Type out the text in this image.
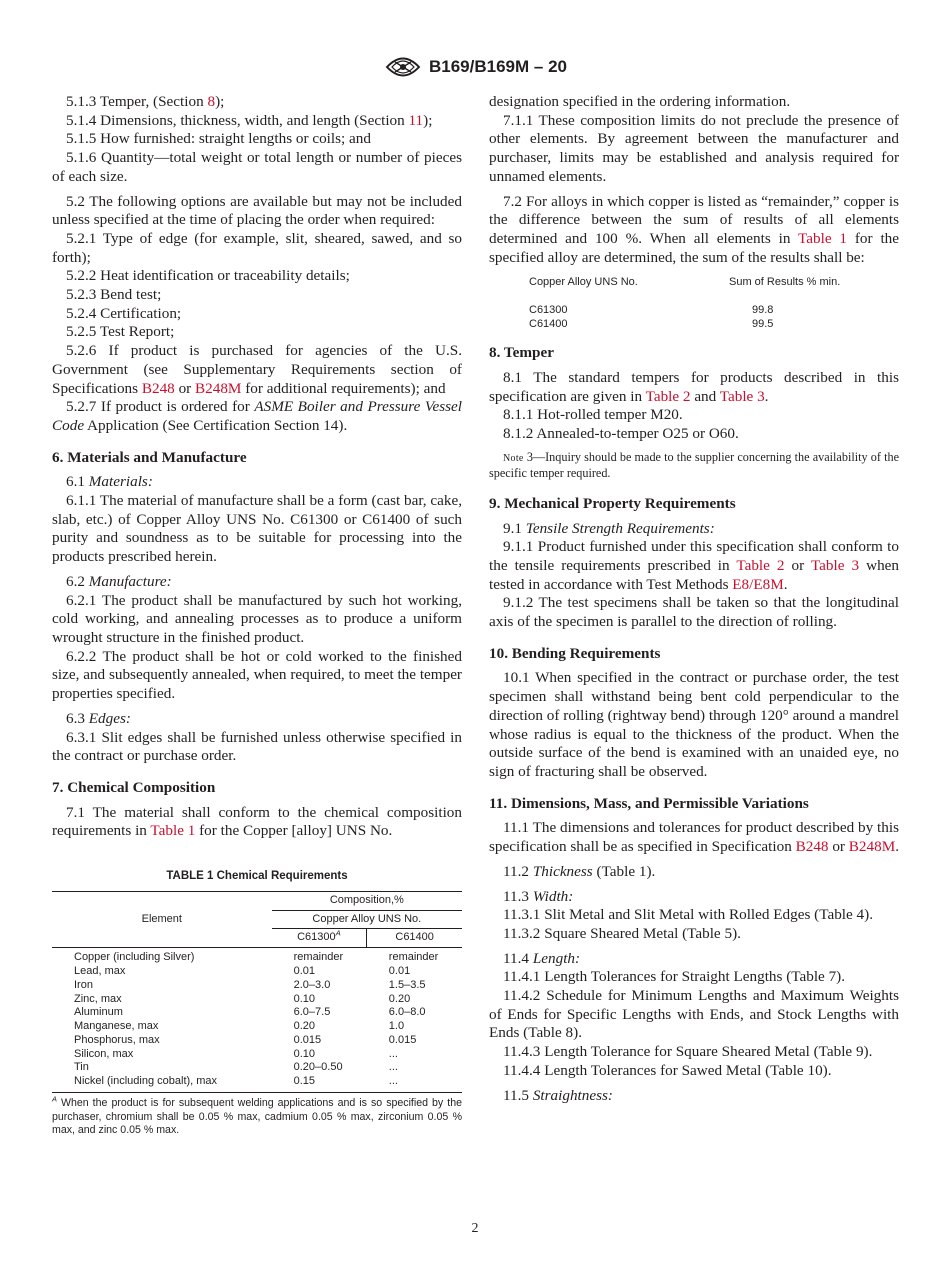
B169/B169M – 20

5.1.3 Temper, (Section 8);

5.1.4 Dimensions, thickness, width, and length (Section 11);

5.1.5 How furnished: straight lengths or coils; and

5.1.6 Quantity—total weight or total length or number of pieces of each size.

5.2 The following options are available but may not be included unless specified at the time of placing the order when required:

5.2.1 Type of edge (for example, slit, sheared, sawed, and so forth);

5.2.2 Heat identification or traceability details;

5.2.3 Bend test;

5.2.4 Certification;

5.2.5 Test Report;

5.2.6 If product is purchased for agencies of the U.S. Government (see Supplementary Requirements section of Specifications B248 or B248M for additional requirements); and

5.2.7 If product is ordered for ASME Boiler and Pressure Vessel Code Application (See Certification Section 14).

6. Materials and Manufacture

6.1 Materials:

6.1.1 The material of manufacture shall be a form (cast bar, cake, slab, etc.) of Copper Alloy UNS No. C61300 or C61400 of such purity and soundness as to be suitable for processing into the products prescribed herein.

6.2 Manufacture:

6.2.1 The product shall be manufactured by such hot working, cold working, and annealing processes as to produce a uniform wrought structure in the finished product.

6.2.2 The product shall be hot or cold worked to the finished size, and subsequently annealed, when required, to meet the temper properties specified.

6.3 Edges:

6.3.1 Slit edges shall be furnished unless otherwise specified in the contract or purchase order.

7. Chemical Composition

7.1 The material shall conform to the chemical composition requirements in Table 1 for the Copper [alloy] UNS No.

TABLE 1 Chemical Requirements
Element	Composition,%	
	Copper Alloy UNS No.	
	$C61300^A$	C61400
Copper (including Silver)	remainder	remainder
Lead, max	0.01	0.01
Iron	2.0–3.0	1.5–3.5
Zinc, max	0.10	0.20
Aluminum	6.0–7.5	6.0–8.0
Manganese, max	0.20	1.0
Phosphorus, max	0.015	0.015
Silicon, max	0.10	...
Tin	0.20–0.50	...
Nickel (including cobalt), max	0.15	...
$^A$ When the product is for subsequent welding applications and is so specified by the purchaser, chromium shall be 0.05 % max, cadmium 0.05 % max, zirconium 0.05 % max, and zinc 0.05 % max.

designation specified in the ordering information.

7.1.1 These composition limits do not preclude the presence of other elements. By agreement between the manufacturer and purchaser, limits may be established and analysis required for unnamed elements.

7.2 For alloys in which copper is listed as “remainder,” copper is the difference between the sum of results of all elements determined and 100 %. When all elements in Table 1 for the specified alloy are determined, the sum of the results shall be:

Copper Alloy UNS No.	Sum of Results % min.
C61300	99.8
C61400	99.5

8. Temper

8.1 The standard tempers for products described in this specification are given in Table 2 and Table 3.

8.1.1 Hot-rolled temper M20.

8.1.2 Annealed-to-temper O25 or O60.

Note 3—Inquiry should be made to the supplier concerning the availability of the specific temper required.

9. Mechanical Property Requirements

9.1 Tensile Strength Requirements:

9.1.1 Product furnished under this specification shall conform to the tensile requirements prescribed in Table 2 or Table 3 when tested in accordance with Test Methods E8/E8M.

9.1.2 The test specimens shall be taken so that the longitudinal axis of the specimen is parallel to the direction of rolling.

10. Bending Requirements

10.1 When specified in the contract or purchase order, the test specimen shall withstand being bent cold perpendicular to the direction of rolling (rightway bend) through 120° around a mandrel whose radius is equal to the thickness of the product. When the outside surface of the bend is examined with an unaided eye, no sign of fracturing shall be observed.

11. Dimensions, Mass, and Permissible Variations

11.1 The dimensions and tolerances for product described by this specification shall be as specified in Specification B248 or B248M.

11.2 Thickness (Table 1).

11.3 Width:

11.3.1 Slit Metal and Slit Metal with Rolled Edges (Table 4).

11.3.2 Square Sheared Metal (Table 5).

11.4 Length:

11.4.1 Length Tolerances for Straight Lengths (Table 7).

11.4.2 Schedule for Minimum Lengths and Maximum Weights of Ends for Specific Lengths with Ends, and Stock Lengths with Ends (Table 8).

11.4.3 Length Tolerance for Square Sheared Metal (Table 9).

11.4.4 Length Tolerances for Sawed Metal (Table 10).

11.5 Straightness:

2
